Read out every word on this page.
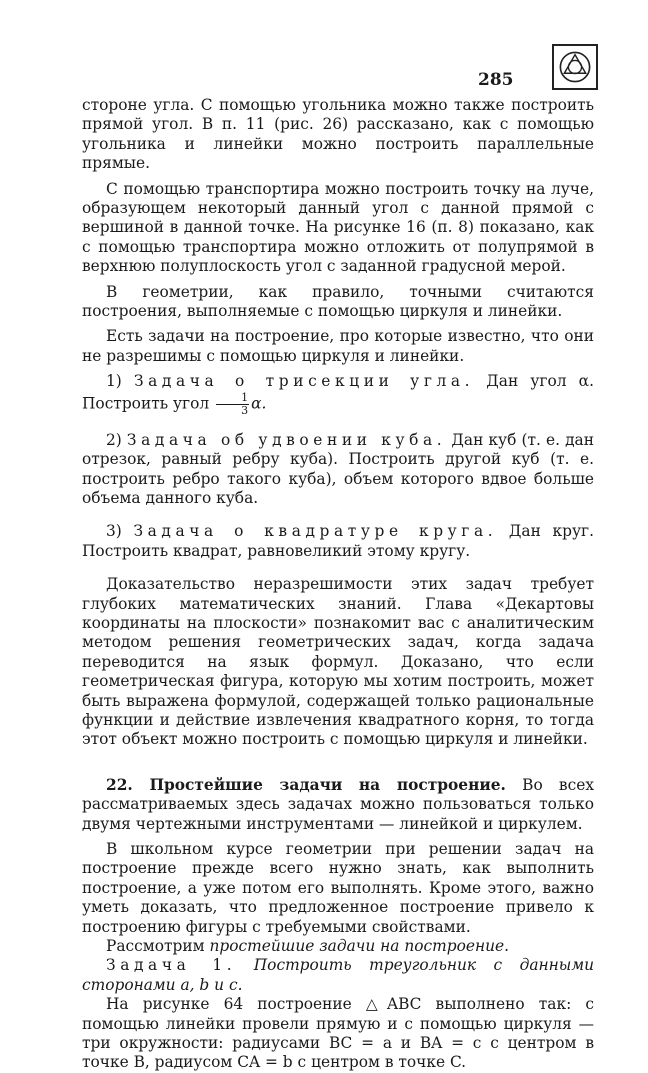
285

стороне угла. С помощью угольника можно также построить прямой угол. В п. 11 (рис. 26) рассказано, как с помощью угольника и линейки можно построить параллельные прямые.

С помощью транспортира можно построить точку на луче, образующем некоторый данный угол с данной прямой с вершиной в данной точке. На рисунке 16 (п. 8) показано, как с помощью транспортира можно отложить от полупрямой в верхнюю полуплоскость угол с заданной градусной мерой.

В геометрии, как правило, точными считаются построения, выполняемые с помощью циркуля и линейки.

Есть задачи на построение, про которые известно, что они не разрешимы с помощью циркуля и линейки.

1) Задача о трисекции угла. Дан угол α. Построить угол $\frac{1}{3} \alpha$.

2) Задача об удвоении куба. Дан куб (т. е. дан отрезок, равный ребру куба). Построить другой куб (т. е. построить ребро такого куба), объем которого вдвое больше объема данного куба.

3) Задача о квадратуре круга. Дан круг. Построить квадрат, равновеликий этому кругу.

Доказательство неразрешимости этих задач требует глубоких математических знаний. Глава «Декартовы координаты на плоскости» познакомит вас с аналитическим методом решения геометрических задач, когда задача переводится на язык формул. Доказано, что если геометрическая фигура, которую мы хотим построить, может быть выражена формулой, содержащей только рациональные функции и действие извлечения квадратного корня, то тогда этот объект можно построить с помощью циркуля и линейки.

22. Простейшие задачи на построение. Во всех рассматриваемых здесь задачах можно пользоваться только двумя чертежными инструментами — линейкой и циркулем.

В школьном курсе геометрии при решении задач на построение прежде всего нужно знать, как выполнить построение, а уже потом его выполнять. Кроме этого, важно уметь доказать, что предложенное построение привело к построению фигуры с требуемыми свойствами.

Рассмотрим простейшие задачи на построение.

Задача 1. Построить треугольник с данными сторонами a, b и c.

На рисунке 64 построение △ABC выполнено так: с помощью линейки провели прямую и с помощью циркуля — три окружности: радиусами BC = a и BA = c с центром в точке B, радиусом CA = b с центром в точке C.
